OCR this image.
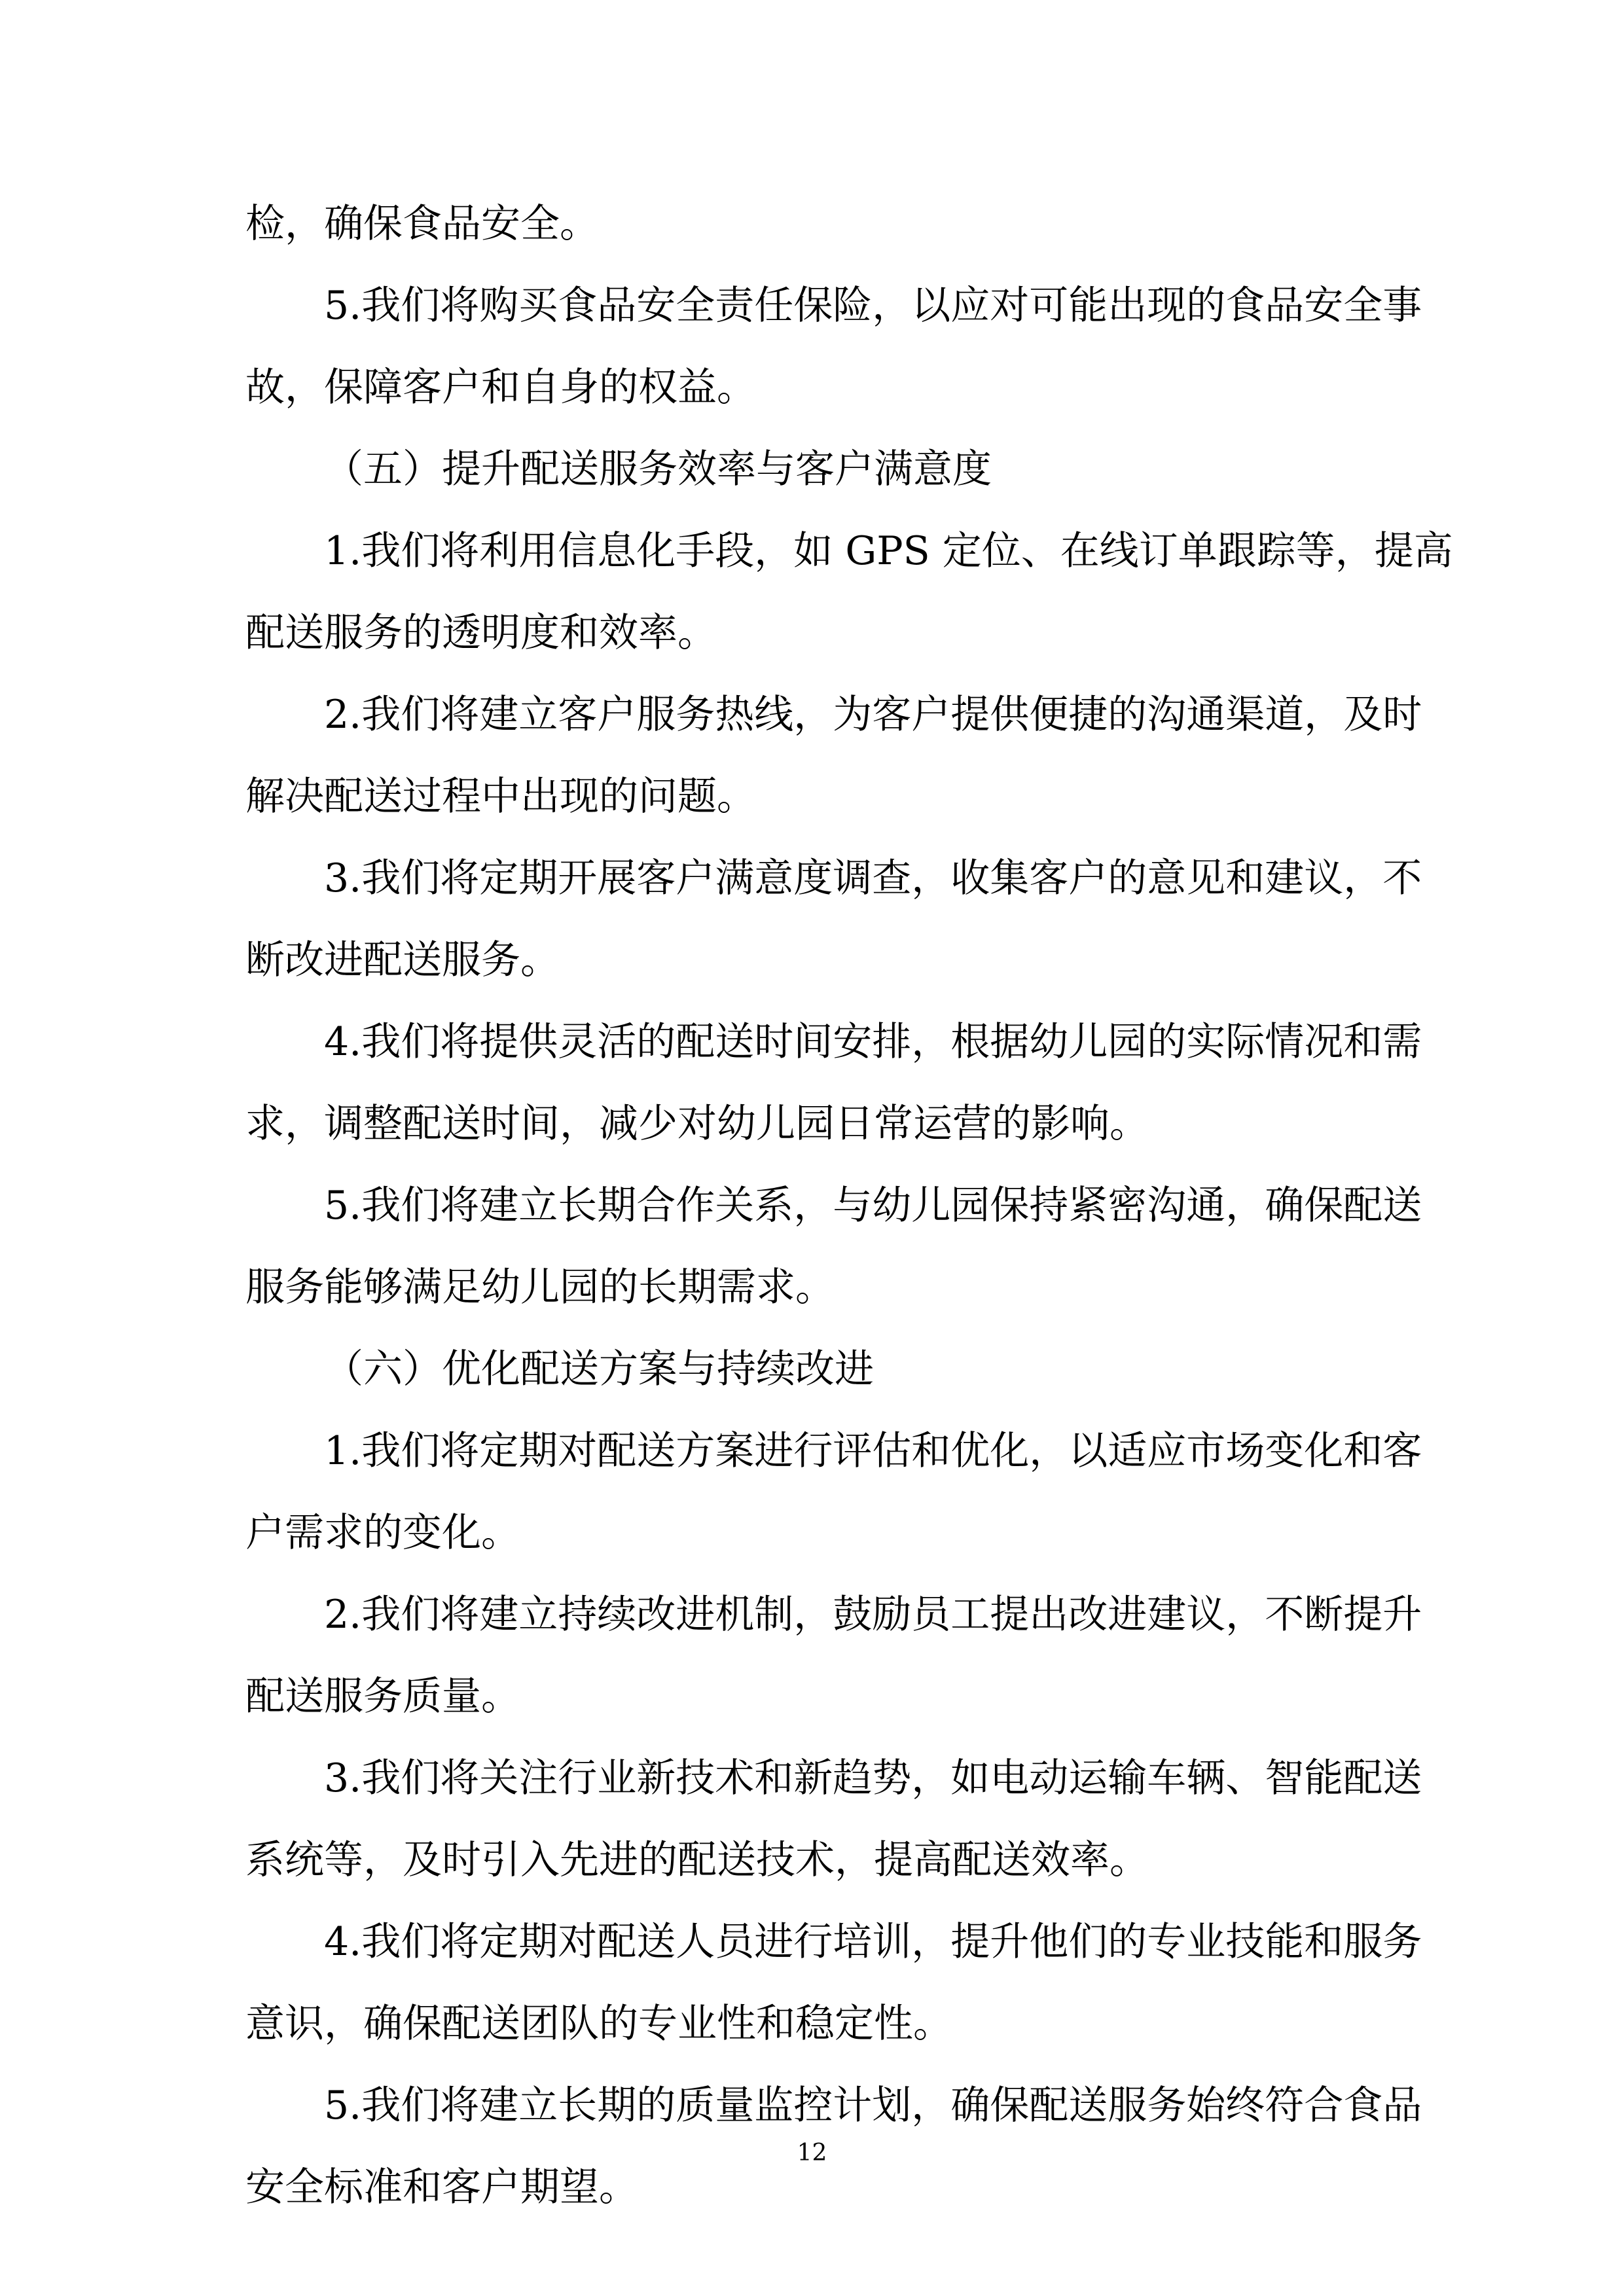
检，确保食品安全。
5.我们将购买食品安全责任保险，以应对可能出现的食品安全事
故，保障客户和自身的权益。
（五）提升配送服务效率与客户满意度
1.我们将利用信息化手段，如 GPS 定位、在线订单跟踪等，提高
配送服务的透明度和效率。
2.我们将建立客户服务热线，为客户提供便捷的沟通渠道，及时
解决配送过程中出现的问题。
3.我们将定期开展客户满意度调查，收集客户的意见和建议，不
断改进配送服务。
4.我们将提供灵活的配送时间安排，根据幼儿园的实际情况和需
求，调整配送时间，减少对幼儿园日常运营的影响。
5.我们将建立长期合作关系，与幼儿园保持紧密沟通，确保配送
服务能够满足幼儿园的长期需求。
（六）优化配送方案与持续改进
1.我们将定期对配送方案进行评估和优化，以适应市场变化和客
户需求的变化。
2.我们将建立持续改进机制，鼓励员工提出改进建议，不断提升
配送服务质量。
3.我们将关注行业新技术和新趋势，如电动运输车辆、智能配送
系统等，及时引入先进的配送技术，提高配送效率。
4.我们将定期对配送人员进行培训，提升他们的专业技能和服务
意识，确保配送团队的专业性和稳定性。
5.我们将建立长期的质量监控计划，确保配送服务始终符合食品
安全标准和客户期望。
12
